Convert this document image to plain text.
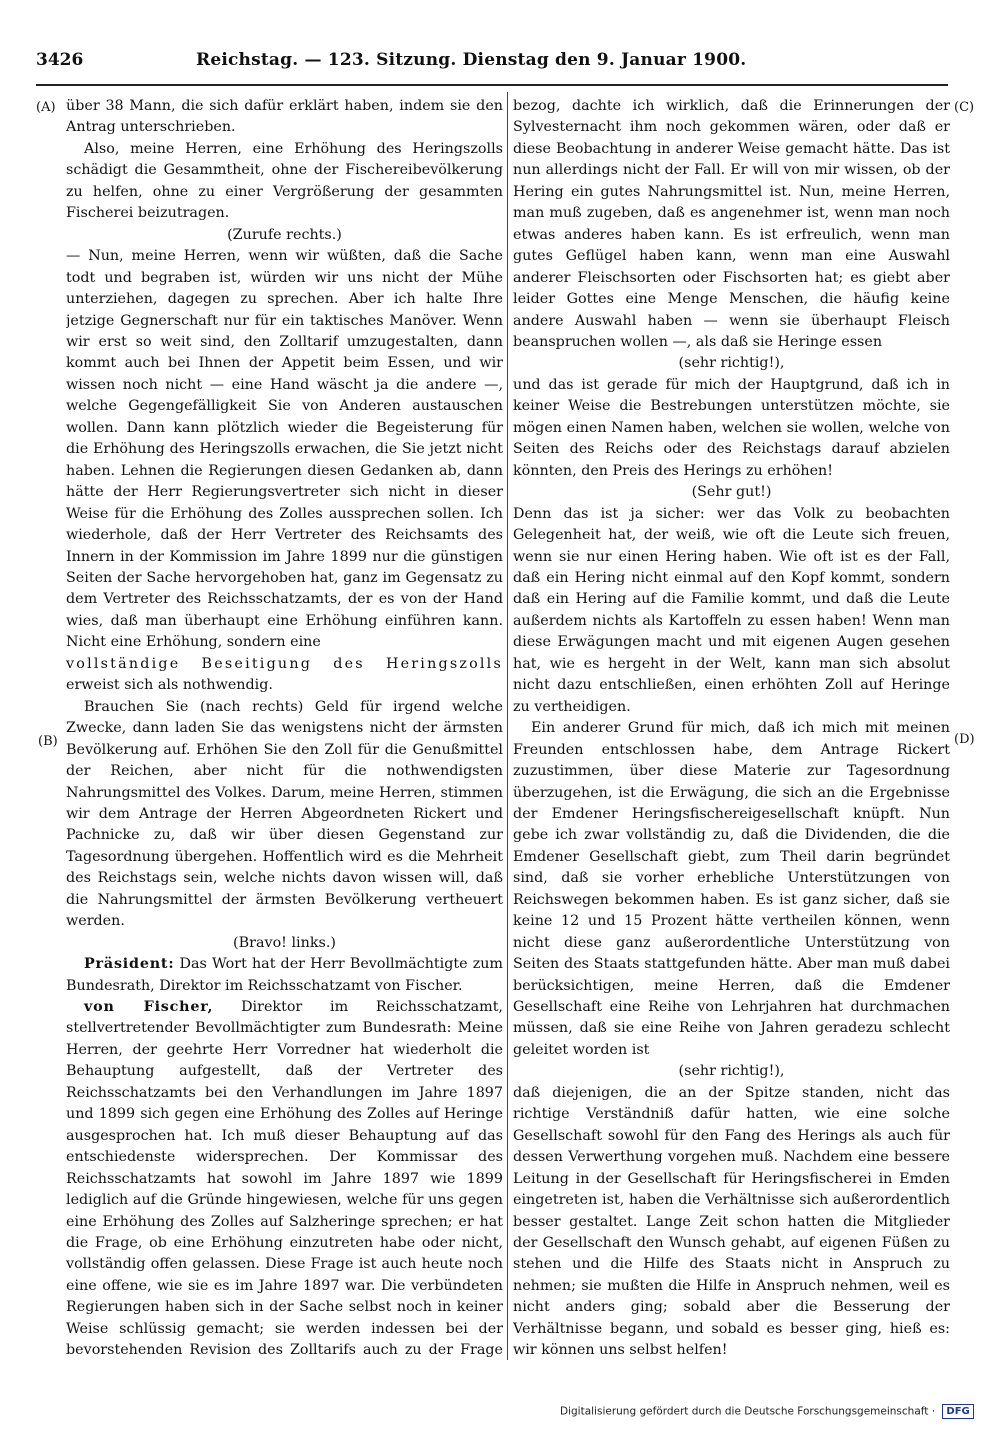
3426	Reichstag. — 123. Sitzung. Dienstag den 9. Januar 1900.
(A)
(B)
(C)
(D)

über 38 Mann, die sich dafür erklärt haben, indem sie den Antrag unterschrieben.

Also, meine Herren, eine Erhöhung des Heringszolls schädigt die Gesammtheit, ohne der Fischereibevölkerung zu helfen, ohne zu einer Vergrößerung der gesammten Fischerei beizutragen.

(Zurufe rechts.)

— Nun, meine Herren, wenn wir wüßten, daß die Sache todt und begraben ist, würden wir uns nicht der Mühe unterziehen, dagegen zu sprechen. Aber ich halte Ihre jetzige Gegnerschaft nur für ein taktisches Manöver. Wenn wir erst so weit sind, den Zolltarif umzugestalten, dann kommt auch bei Ihnen der Appetit beim Essen, und wir wissen noch nicht — eine Hand wäscht ja die andere —, welche Gegengefälligkeit Sie von Anderen austauschen wollen. Dann kann plötzlich wieder die Begeisterung für die Erhöhung des Heringszolls erwachen, die Sie jetzt nicht haben. Lehnen die Regierungen diesen Gedanken ab, dann hätte der Herr Regierungsvertreter sich nicht in dieser Weise für die Erhöhung des Zolles aussprechen sollen. Ich wiederhole, daß der Herr Vertreter des Reichsamts des Innern in der Kommission im Jahre 1899 nur die günstigen Seiten der Sache hervorgehoben hat, ganz im Gegensatz zu dem Vertreter des Reichsschatzamts, der es von der Hand wies, daß man überhaupt eine Erhöhung einführen kann. Nicht eine Erhöhung, sondern eine

vollständige Beseitigung des Heringszolls erweist sich als nothwendig.

Brauchen Sie (nach rechts) Geld für irgend welche Zwecke, dann laden Sie das wenigstens nicht der ärmsten Bevölkerung auf. Erhöhen Sie den Zoll für die Genußmittel der Reichen, aber nicht für die nothwendigsten Nahrungsmittel des Volkes. Darum, meine Herren, stimmen wir dem Antrage der Herren Abgeordneten Rickert und Pachnicke zu, daß wir über diesen Gegenstand zur Tagesordnung übergehen. Hoffentlich wird es die Mehrheit des Reichstags sein, welche nichts davon wissen will, daß die Nahrungsmittel der ärmsten Bevölkerung vertheuert werden.

(Bravo! links.)

Präsident: Das Wort hat der Herr Bevollmächtigte zum Bundesrath, Direktor im Reichsschatzamt von Fischer.

von Fischer, Direktor im Reichsschatzamt, stellvertretender Bevollmächtigter zum Bundesrath: Meine Herren, der geehrte Herr Vorredner hat wiederholt die Behauptung aufgestellt, daß der Vertreter des Reichsschatzamts bei den Verhandlungen im Jahre 1897 und 1899 sich gegen eine Erhöhung des Zolles auf Heringe ausgesprochen hat. Ich muß dieser Behauptung auf das entschiedenste widersprechen. Der Kommissar des Reichsschatzamts hat sowohl im Jahre 1897 wie 1899 lediglich auf die Gründe hingewiesen, welche für uns gegen eine Erhöhung des Zolles auf Salzheringe sprechen; er hat die Frage, ob eine Erhöhung einzutreten habe oder nicht, vollständig offen gelassen. Diese Frage ist auch heute noch eine offene, wie sie es im Jahre 1897 war. Die verbündeten Regierungen haben sich in der Sache selbst noch in keiner Weise schlüssig gemacht; sie werden indessen bei der bevorstehenden Revision des Zolltarifs auch zu der Frage

bezog, dachte ich wirklich, daß die Erinnerungen der Sylvesternacht ihm noch gekommen wären, oder daß er diese Beobachtung in anderer Weise gemacht hätte. Das ist nun allerdings nicht der Fall. Er will von mir wissen, ob der Hering ein gutes Nahrungsmittel ist. Nun, meine Herren, man muß zugeben, daß es angenehmer ist, wenn man noch etwas anderes haben kann. Es ist erfreulich, wenn man gutes Geflügel haben kann, wenn man eine Auswahl anderer Fleischsorten oder Fischsorten hat; es giebt aber leider Gottes eine Menge Menschen, die häufig keine andere Auswahl haben — wenn sie überhaupt Fleisch beanspruchen wollen —, als daß sie Heringe essen

(sehr richtig!),

und das ist gerade für mich der Hauptgrund, daß ich in keiner Weise die Bestrebungen unterstützen möchte, sie mögen einen Namen haben, welchen sie wollen, welche von Seiten des Reichs oder des Reichstags darauf abzielen könnten, den Preis des Herings zu erhöhen!

(Sehr gut!)

Denn das ist ja sicher: wer das Volk zu beobachten Gelegenheit hat, der weiß, wie oft die Leute sich freuen, wenn sie nur einen Hering haben. Wie oft ist es der Fall, daß ein Hering nicht einmal auf den Kopf kommt, sondern daß ein Hering auf die Familie kommt, und daß die Leute außerdem nichts als Kartoffeln zu essen haben! Wenn man diese Erwägungen macht und mit eigenen Augen gesehen hat, wie es hergeht in der Welt, kann man sich absolut nicht dazu entschließen, einen erhöhten Zoll auf Heringe zu vertheidigen.

Ein anderer Grund für mich, daß ich mich mit meinen Freunden entschlossen habe, dem Antrage Rickert zuzustimmen, über diese Materie zur Tagesordnung überzugehen, ist die Erwägung, die sich an die Ergebnisse der Emdener Heringsfischereigesellschaft knüpft. Nun gebe ich zwar vollständig zu, daß die Dividenden, die die Emdener Gesellschaft giebt, zum Theil darin begründet sind, daß sie vorher erhebliche Unterstützungen von Reichswegen bekommen haben. Es ist ganz sicher, daß sie keine 12 und 15 Prozent hätte vertheilen können, wenn nicht diese ganz außerordentliche Unterstützung von Seiten des Staats stattgefunden hätte. Aber man muß dabei berücksichtigen, meine Herren, daß die Emdener Gesellschaft eine Reihe von Lehrjahren hat durchmachen müssen, daß sie eine Reihe von Jahren geradezu schlecht geleitet worden ist

(sehr richtig!),

daß diejenigen, die an der Spitze standen, nicht das richtige Verständniß dafür hatten, wie eine solche Gesellschaft sowohl für den Fang des Herings als auch für dessen Verwerthung vorgehen muß. Nachdem eine bessere Leitung in der Gesellschaft für Heringsfischerei in Emden eingetreten ist, haben die Verhältnisse sich außerordentlich besser gestaltet. Lange Zeit schon hatten die Mitglieder der Gesellschaft den Wunsch gehabt, auf eigenen Füßen zu stehen und die Hilfe des Staats nicht in Anspruch zu nehmen; sie mußten die Hilfe in Anspruch nehmen, weil es nicht anders ging; sobald aber die Besserung der Verhältnisse begann, und sobald es besser ging, hieß es: wir können uns selbst helfen!

Digitalisierung gefördert durch die Deutsche Forschungsgemeinschaft · DFG
